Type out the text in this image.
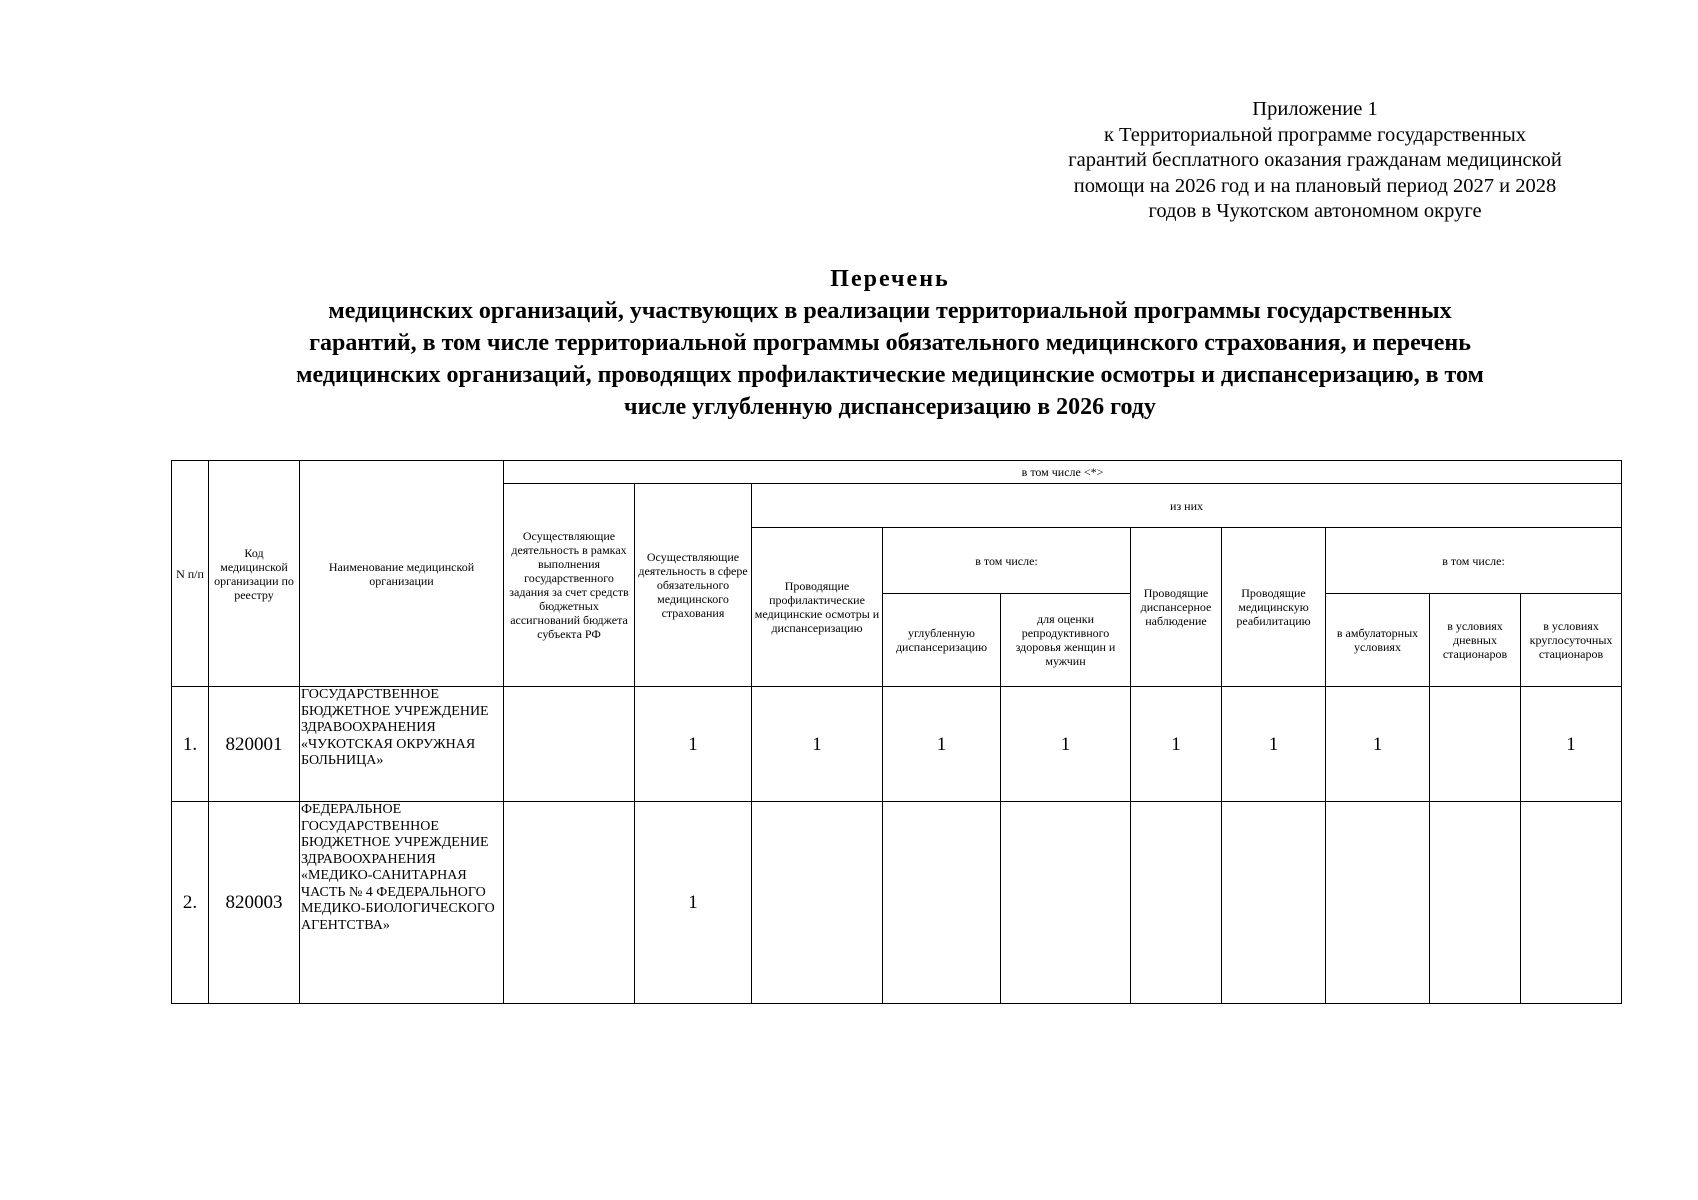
Приложение 1
к Территориальной программе государственных
гарантий бесплатного оказания гражданам медицинской
помощи на 2026 год и на плановый период 2027 и 2028
годов в Чукотском автономном округе
Перечень
медицинских организаций, участвующих в реализации территориальной программы государственных
гарантий, в том числе территориальной программы обязательного медицинского страхования, и перечень
медицинских организаций, проводящих профилактические медицинские осмотры и диспансеризацию, в том
числе углубленную диспансеризацию в 2026 году
N п/п	Код медицинской организации по реестру	Наименование медицинской организации	в том числе <*>									
			Осуществляющие деятельность в рамках выполнения государственного задания за счет средств бюджетных ассигнований бюджета субъекта РФ	Осуществляющие деятельность в сфере обязательного медицинского страхования	из них							
					Проводящие профилактические медицинские осмотры и диспансеризацию	в том числе:		Проводящие диспансерное наблюдение	Проводящие медицинскую реабилитацию	в том числе:		
						углубленную диспансеризацию	для оценки репродуктивного здоровья женщин и мужчин			в амбулаторных условиях	в условиях дневных стационаров	в условиях круглосуточных стационаров
1.	820001	ГОСУДАРСТВЕННОЕ БЮДЖЕТНОЕ УЧРЕЖДЕНИЕ ЗДРАВООХРАНЕНИЯ «ЧУКОТСКАЯ ОКРУЖНАЯ БОЛЬНИЦА»		1	1	1	1	1	1	1		1
2.	820003	ФЕДЕРАЛЬНОЕ ГОСУДАРСТВЕННОЕ БЮДЖЕТНОЕ УЧРЕЖДЕНИЕ ЗДРАВООХРАНЕНИЯ «МЕДИКО-САНИТАРНАЯ ЧАСТЬ № 4 ФЕДЕРАЛЬНОГО МЕДИКО-БИОЛОГИЧЕСКОГО АГЕНТСТВА»		1								
